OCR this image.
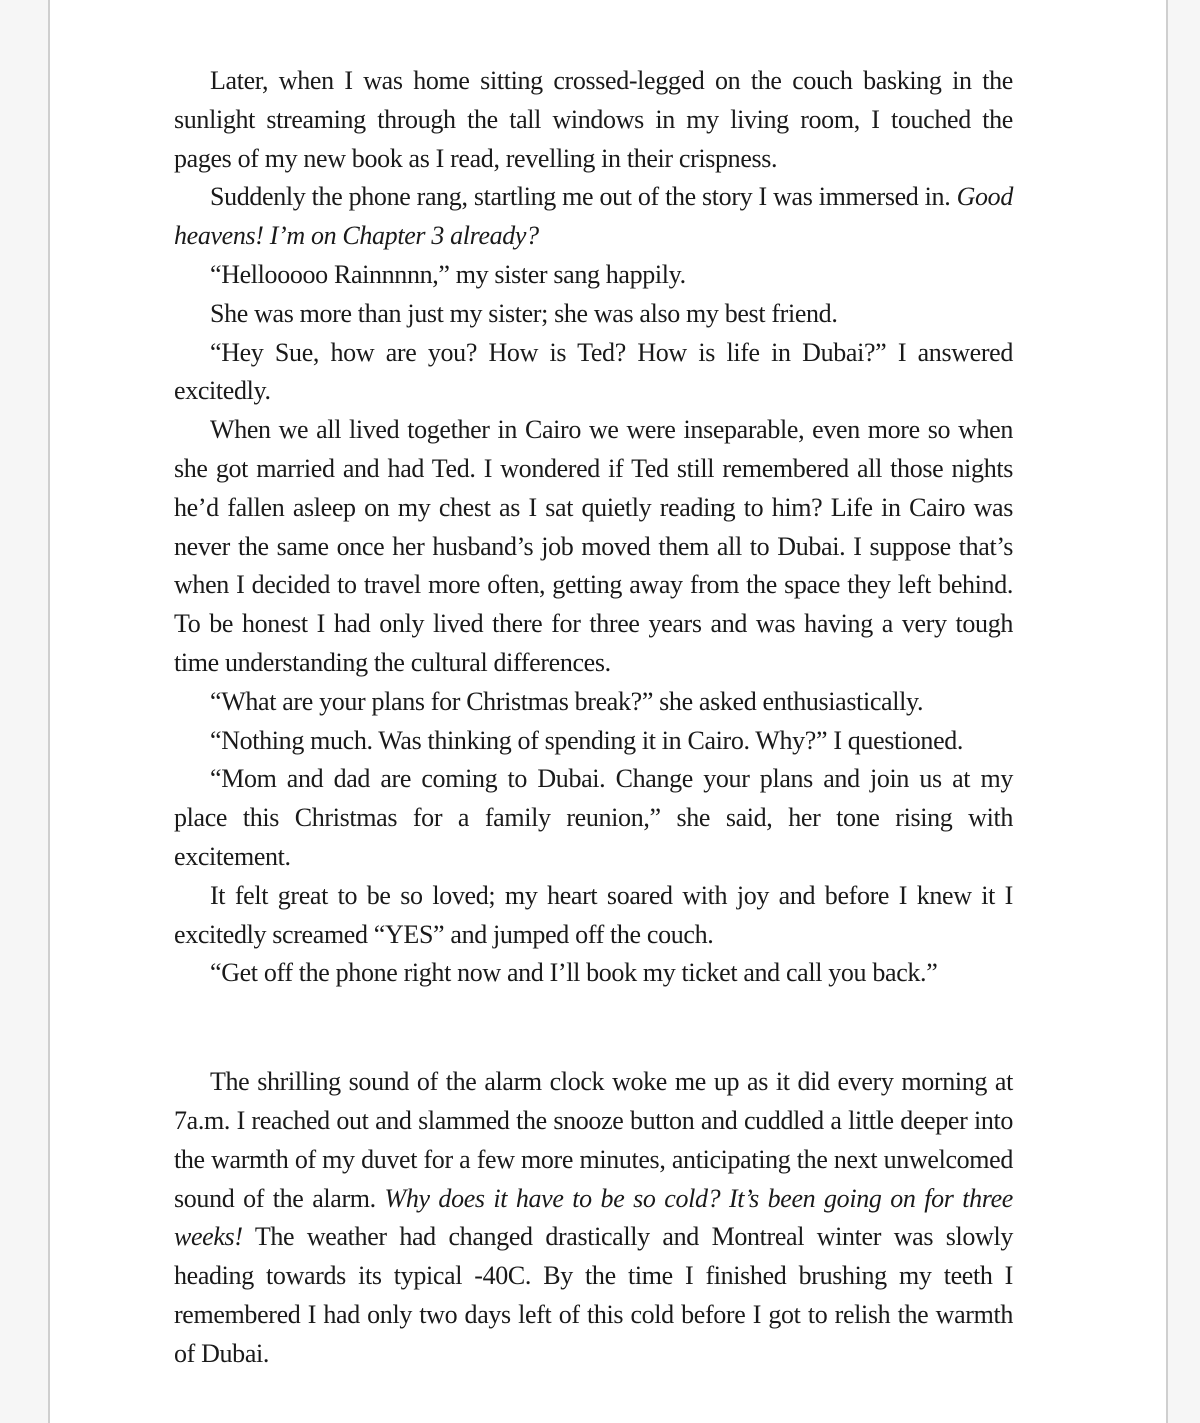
Later, when I was home sitting crossed-legged on the couch basking in the sunlight streaming through the tall windows in my living room, I touched the pages of my new book as I read, revelling in their crispness.

Suddenly the phone rang, startling me out of the story I was immersed in. Good heavens! I’m on Chapter 3 already?

“Hellooooo Rainnnnn,” my sister sang happily.

She was more than just my sister; she was also my best friend.

“Hey Sue, how are you? How is Ted? How is life in Dubai?” I answered excitedly.

When we all lived together in Cairo we were inseparable, even more so when she got married and had Ted. I wondered if Ted still remembered all those nights he’d fallen asleep on my chest as I sat quietly reading to him? Life in Cairo was never the same once her husband’s job moved them all to Dubai. I suppose that’s when I decided to travel more often, getting away from the space they left behind. To be honest I had only lived there for three years and was having a very tough time understanding the cultural differences.

“What are your plans for Christmas break?” she asked enthusiastically.

“Nothing much. Was thinking of spending it in Cairo. Why?” I questioned.

“Mom and dad are coming to Dubai. Change your plans and join us at my place this Christmas for a family reunion,” she said, her tone rising with excitement.

It felt great to be so loved; my heart soared with joy and before I knew it I excitedly screamed “YES” and jumped off the couch.

“Get off the phone right now and I’ll book my ticket and call you back.”

The shrilling sound of the alarm clock woke me up as it did every morning at 7a.m. I reached out and slammed the snooze button and cuddled a little deeper into the warmth of my duvet for a few more minutes, anticipating the next unwelcomed sound of the alarm. Why does it have to be so cold? It’s been going on for three weeks! The weather had changed drastically and Montreal winter was slowly heading towards its typical -40C. By the time I finished brushing my teeth I remembered I had only two days left of this cold before I got to relish the warmth of Dubai.
